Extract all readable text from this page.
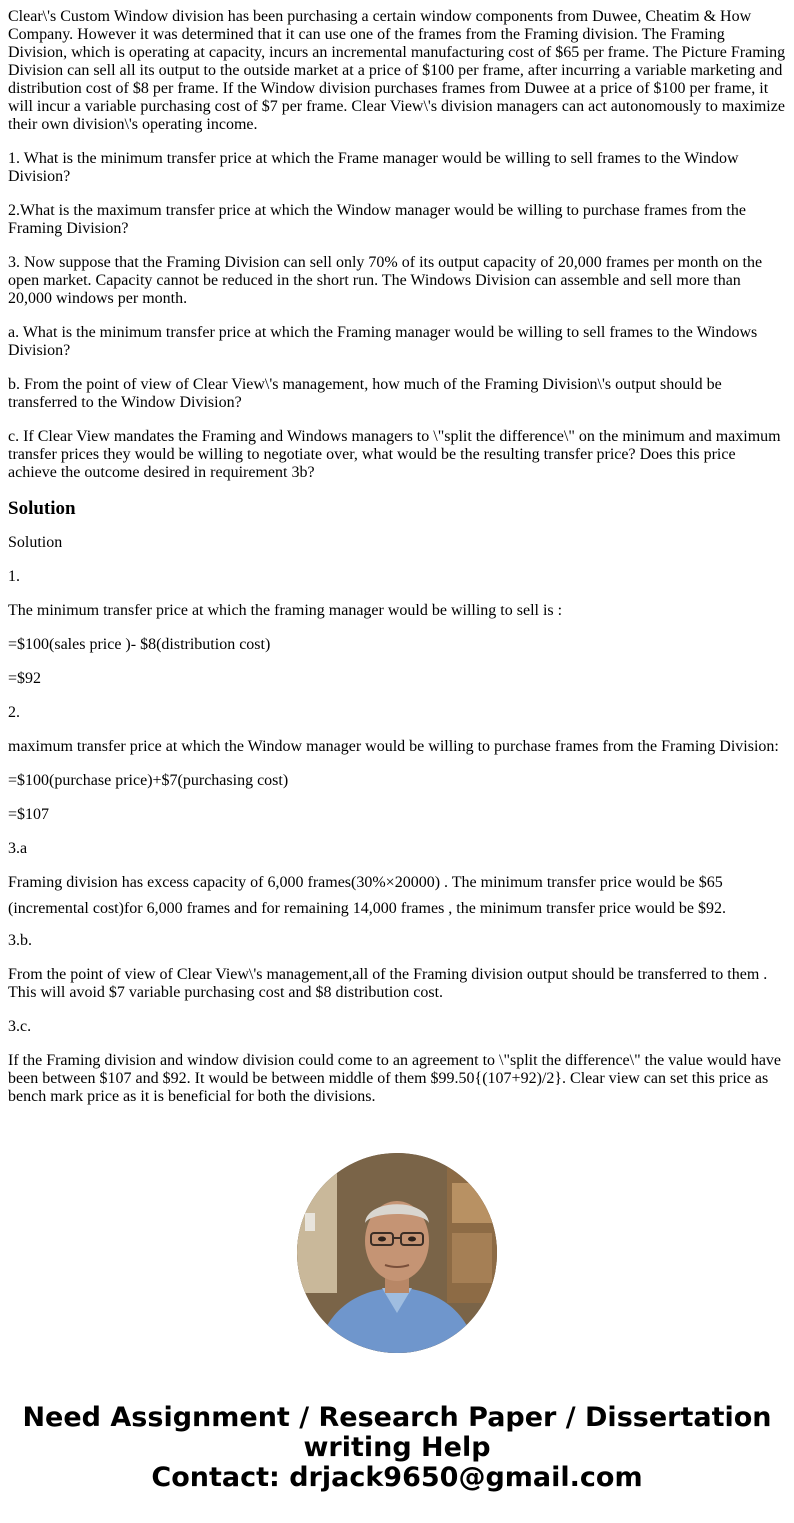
Clear\'s Custom Window division has been purchasing a certain window components from Duwee, Cheatim & How Company. However it was determined that it can use one of the frames from the Framing division. The Framing Division, which is operating at capacity, incurs an incremental manufacturing cost of $65 per frame. The Picture Framing Division can sell all its output to the outside market at a price of $100 per frame, after incurring a variable marketing and distribution cost of $8 per frame. If the Window division purchases frames from Duwee at a price of $100 per frame, it will incur a variable purchasing cost of $7 per frame. Clear View\'s division managers can act autonomously to maximize their own division\'s operating income.

1. What is the minimum transfer price at which the Frame manager would be willing to sell frames to the Window Division?

2.What is the maximum transfer price at which the Window manager would be willing to purchase frames from the Framing Division?

3. Now suppose that the Framing Division can sell only 70% of its output capacity of 20,000 frames per month on the open market. Capacity cannot be reduced in the short run. The Windows Division can assemble and sell more than 20,000 windows per month.

a. What is the minimum transfer price at which the Framing manager would be willing to sell frames to the Windows Division?

b. From the point of view of Clear View\'s management, how much of the Framing Division\'s output should be transferred to the Window Division?

c. If Clear View mandates the Framing and Windows managers to \"split the difference\" on the minimum and maximum transfer prices they would be willing to negotiate over, what would be the resulting transfer price? Does this price achieve the outcome desired in requirement 3b?

Solution

Solution

1.

The minimum transfer price at which the framing manager would be willing to sell is :

=$100(sales price )- $8(distribution cost)

=$92

2.

maximum transfer price at which the Window manager would be willing to purchase frames from the Framing Division:

=$100(purchase price)+$7(purchasing cost)

=$107

3.a

Framing division has excess capacity of 6,000 frames(30%×20000) . The minimum transfer price would be $65 (incremental cost)for 6,000 frames and for remaining 14,000 frames , the minimum transfer price would be $92.

3.b.

From the point of view of Clear View\'s management,all of the Framing division output should be transferred to them . This will avoid $7 variable purchasing cost and $8 distribution cost.

3.c.

If the Framing division and window division could come to an agreement to \"split the difference\" the value would have been between $107 and $92. It would be between middle of them $99.50{(107+92)/2}. Clear view can set this price as bench mark price as it is beneficial for both the divisions.

Need Assignment / Research Paper / Dissertation
writing Help
Contact: drjack9650@gmail.com
